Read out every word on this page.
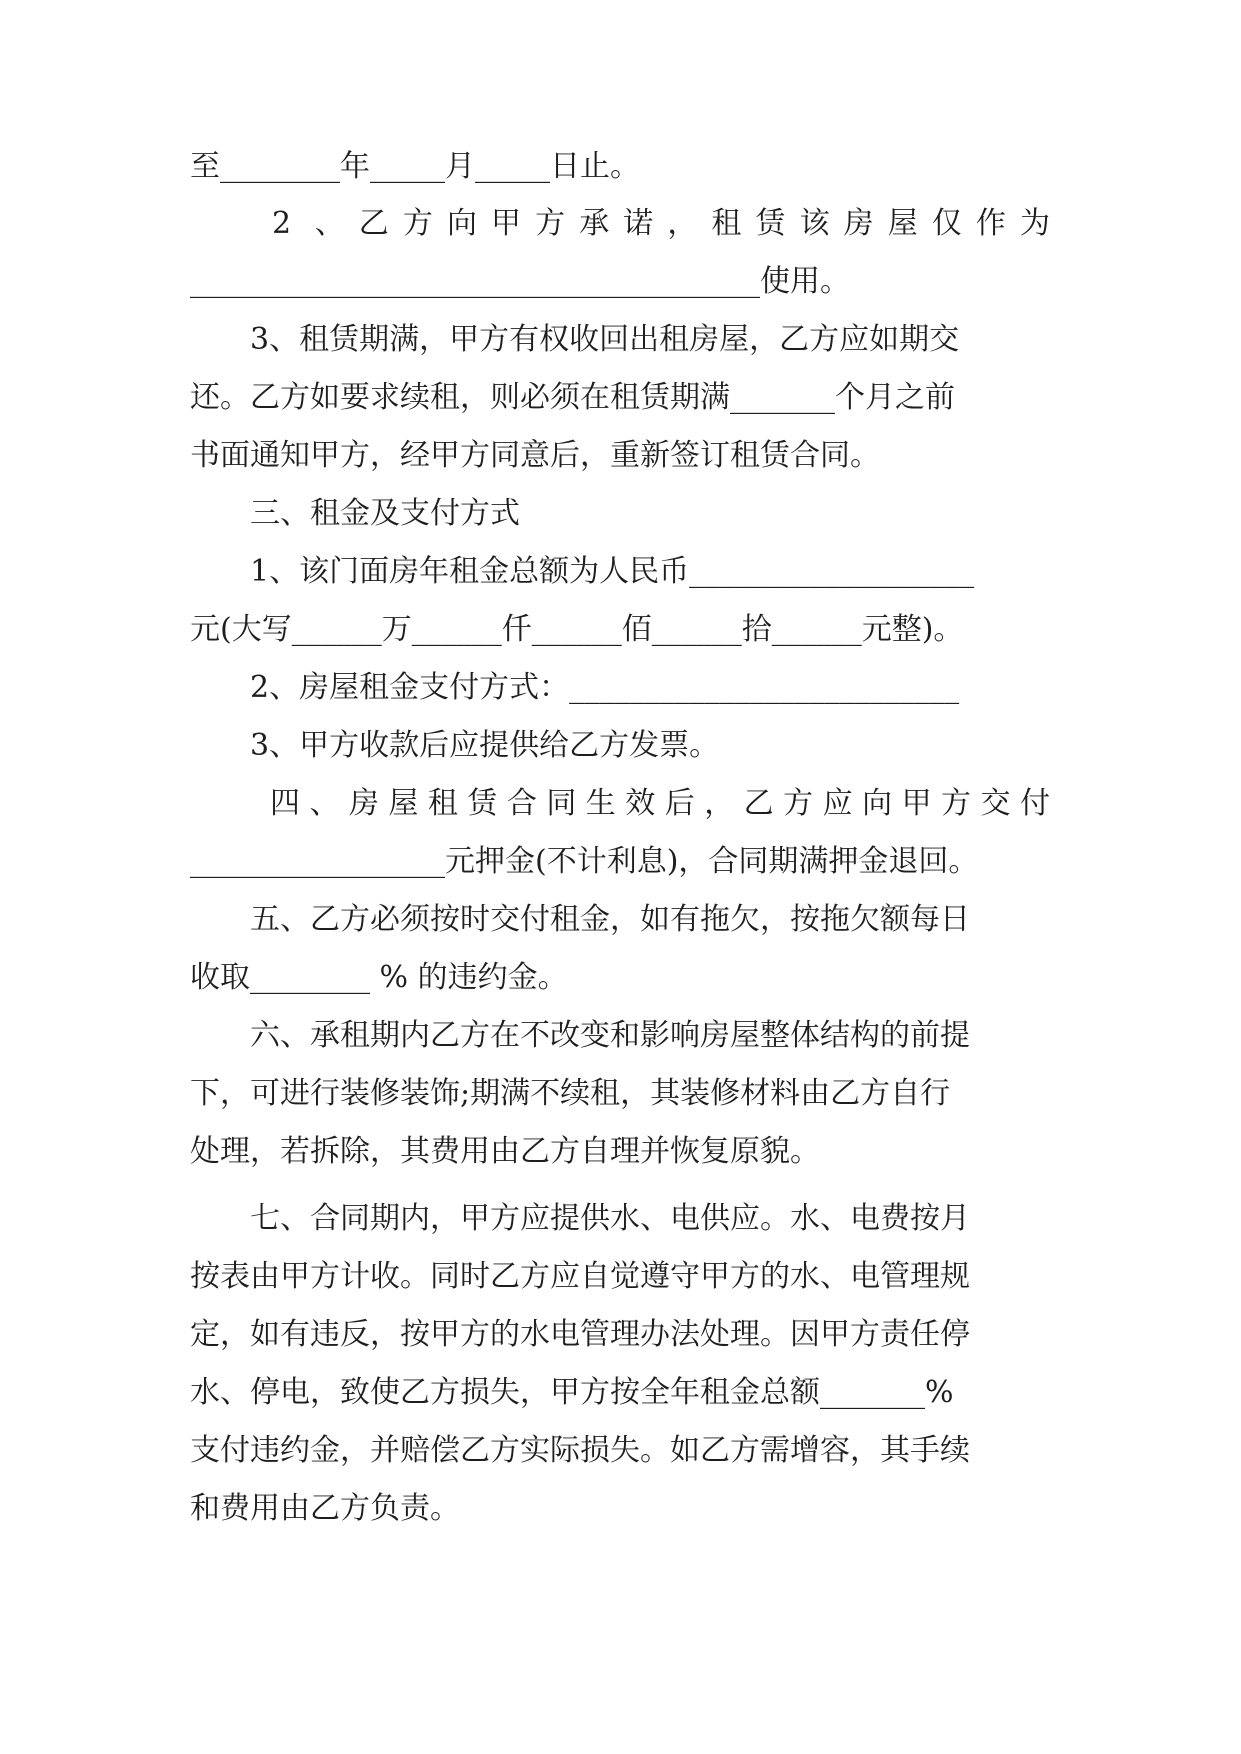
至________年_____月_____日止。
2 、乙方向甲方承诺，租赁该房屋仅作为
______________________________________使用。
3、租赁期满，甲方有权收回出租房屋，乙方应如期交
还。乙方如要求续租，则必须在租赁期满_______个月之前
书面通知甲方，经甲方同意后，重新签订租赁合同。
三、租金及支付方式
1、该门面房年租金总额为人民币___________________
元(大写______万______仟______佰______拾______元整)。
2、房屋租金支付方式：__________________________
3、甲方收款后应提供给乙方发票。
四、房屋租赁合同生效后，乙方应向甲方交付
_________________元押金(不计利息)，合同期满押金退回。
五、乙方必须按时交付租金，如有拖欠，按拖欠额每日
收取________ % 的违约金。
六、承租期内乙方在不改变和影响房屋整体结构的前提
下，可进行装修装饰;期满不续租，其装修材料由乙方自行
处理，若拆除，其费用由乙方自理并恢复原貌。
七、合同期内，甲方应提供水、电供应。水、电费按月
按表由甲方计收。同时乙方应自觉遵守甲方的水、电管理规
定，如有违反，按甲方的水电管理办法处理。因甲方责任停
水、停电，致使乙方损失，甲方按全年租金总额_______%
支付违约金，并赔偿乙方实际损失。如乙方需增容，其手续
和费用由乙方负责。
